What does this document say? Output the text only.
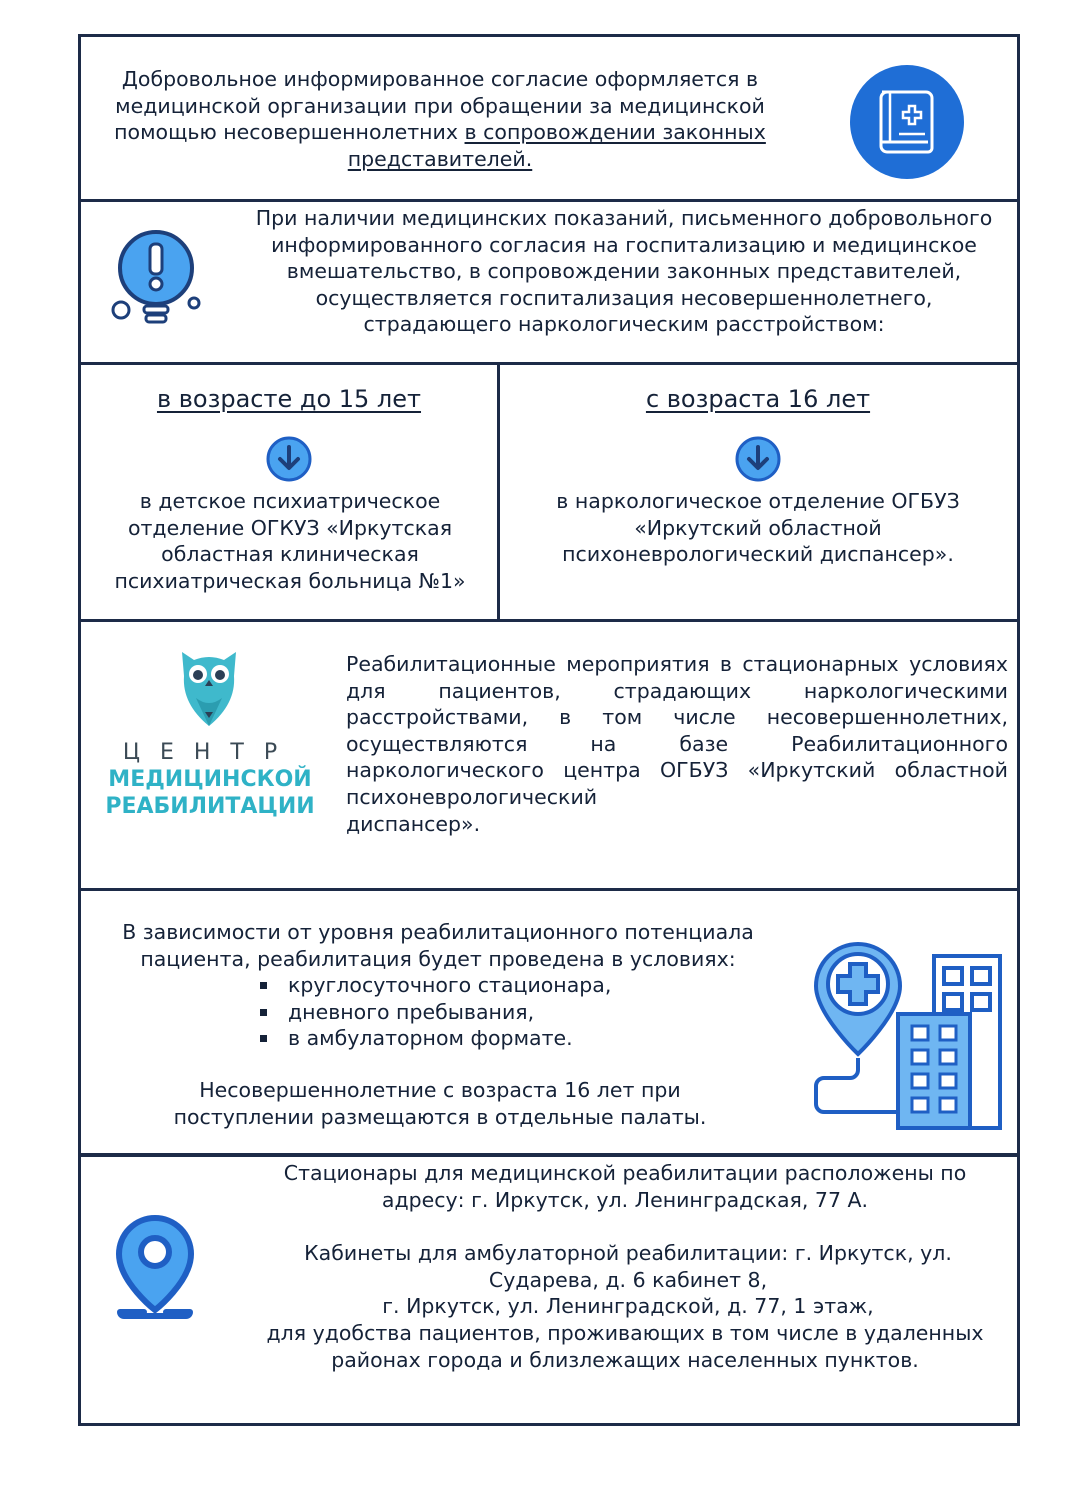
Добровольное информированное согласие оформляется в медицинской организации при обращении за медицинской помощью несовершеннолетних в сопровождении законных представителей.
При наличии медицинских показаний, письменного добровольного информированного согласия на госпитализацию и медицинское вмешательство, в сопровождении законных представителей, осуществляется госпитализация несовершеннолетнего, страдающего наркологическим расстройством:
в возрасте до 15 лет
в детское психиатрическое отделение ОГКУЗ «Иркутская областная клиническая психиатрическая больница №1»
с возраста 16 лет
в наркологическое отделение ОГБУЗ «Иркутский областной психоневрологический диспансер».
ЦЕНТР
МЕДИЦИНСКОЙ
РЕАБИЛИТАЦИИ
Реабилитационные мероприятия в стационарных условиях для пациентов, страдающих наркологическими расстройствами, в том числе несовершеннолетних, осуществляются на базе Реабилитационного наркологического центра ОГБУЗ «Иркутский областной психоневрологический
диспансер».
В зависимости от уровня реабилитационного потенциала пациента, реабилитация будет проведена в условиях:
круглосуточного стационара,
дневного пребывания,
в амбулаторном формате.
Несовершеннолетние с возраста 16 лет при поступлении размещаются в отдельные палаты.
Стационары для медицинской реабилитации расположены по адресу: г. Иркутск, ул. Ленинградская, 77 А.
Кабинеты для амбулаторной реабилитации: г. Иркутск, ул. Сударева, д. 6 кабинет 8,
г. Иркутск, ул. Ленинградской, д. 77, 1 этаж,
для удобства пациентов, проживающих в том числе в удаленных районах города и близлежащих населенных пунктов.
